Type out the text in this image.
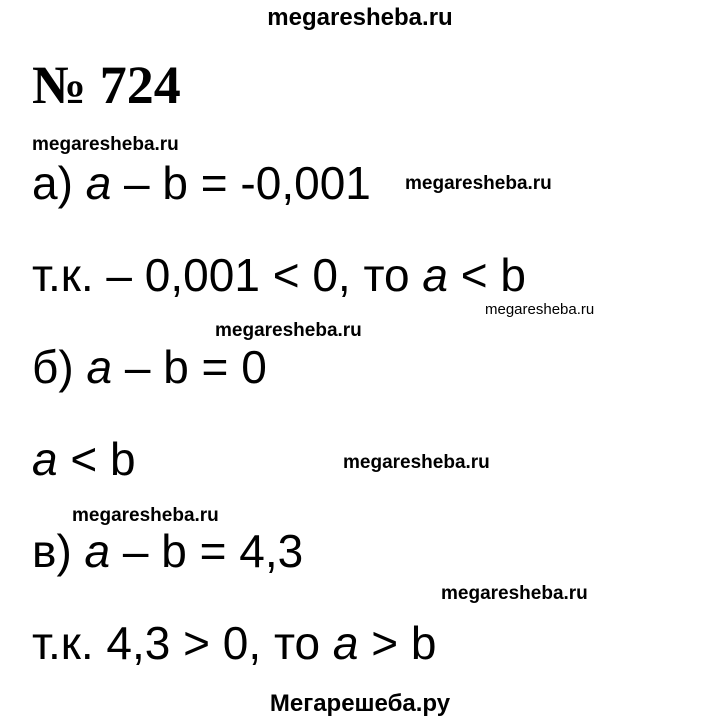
megaresheba.ru
№ 724
megaresheba.ru
а) a – b = -0,001 megaresheba.ru
т.к. – 0,001 < 0, то a < b
megaresheba.ru
megaresheba.ru
б) a – b = 0
a < b	megaresheba.ru
megaresheba.ru
в) a – b = 4,3
megaresheba.ru
т.к. 4,3 > 0, то a > b
Мегарешеба.ру
